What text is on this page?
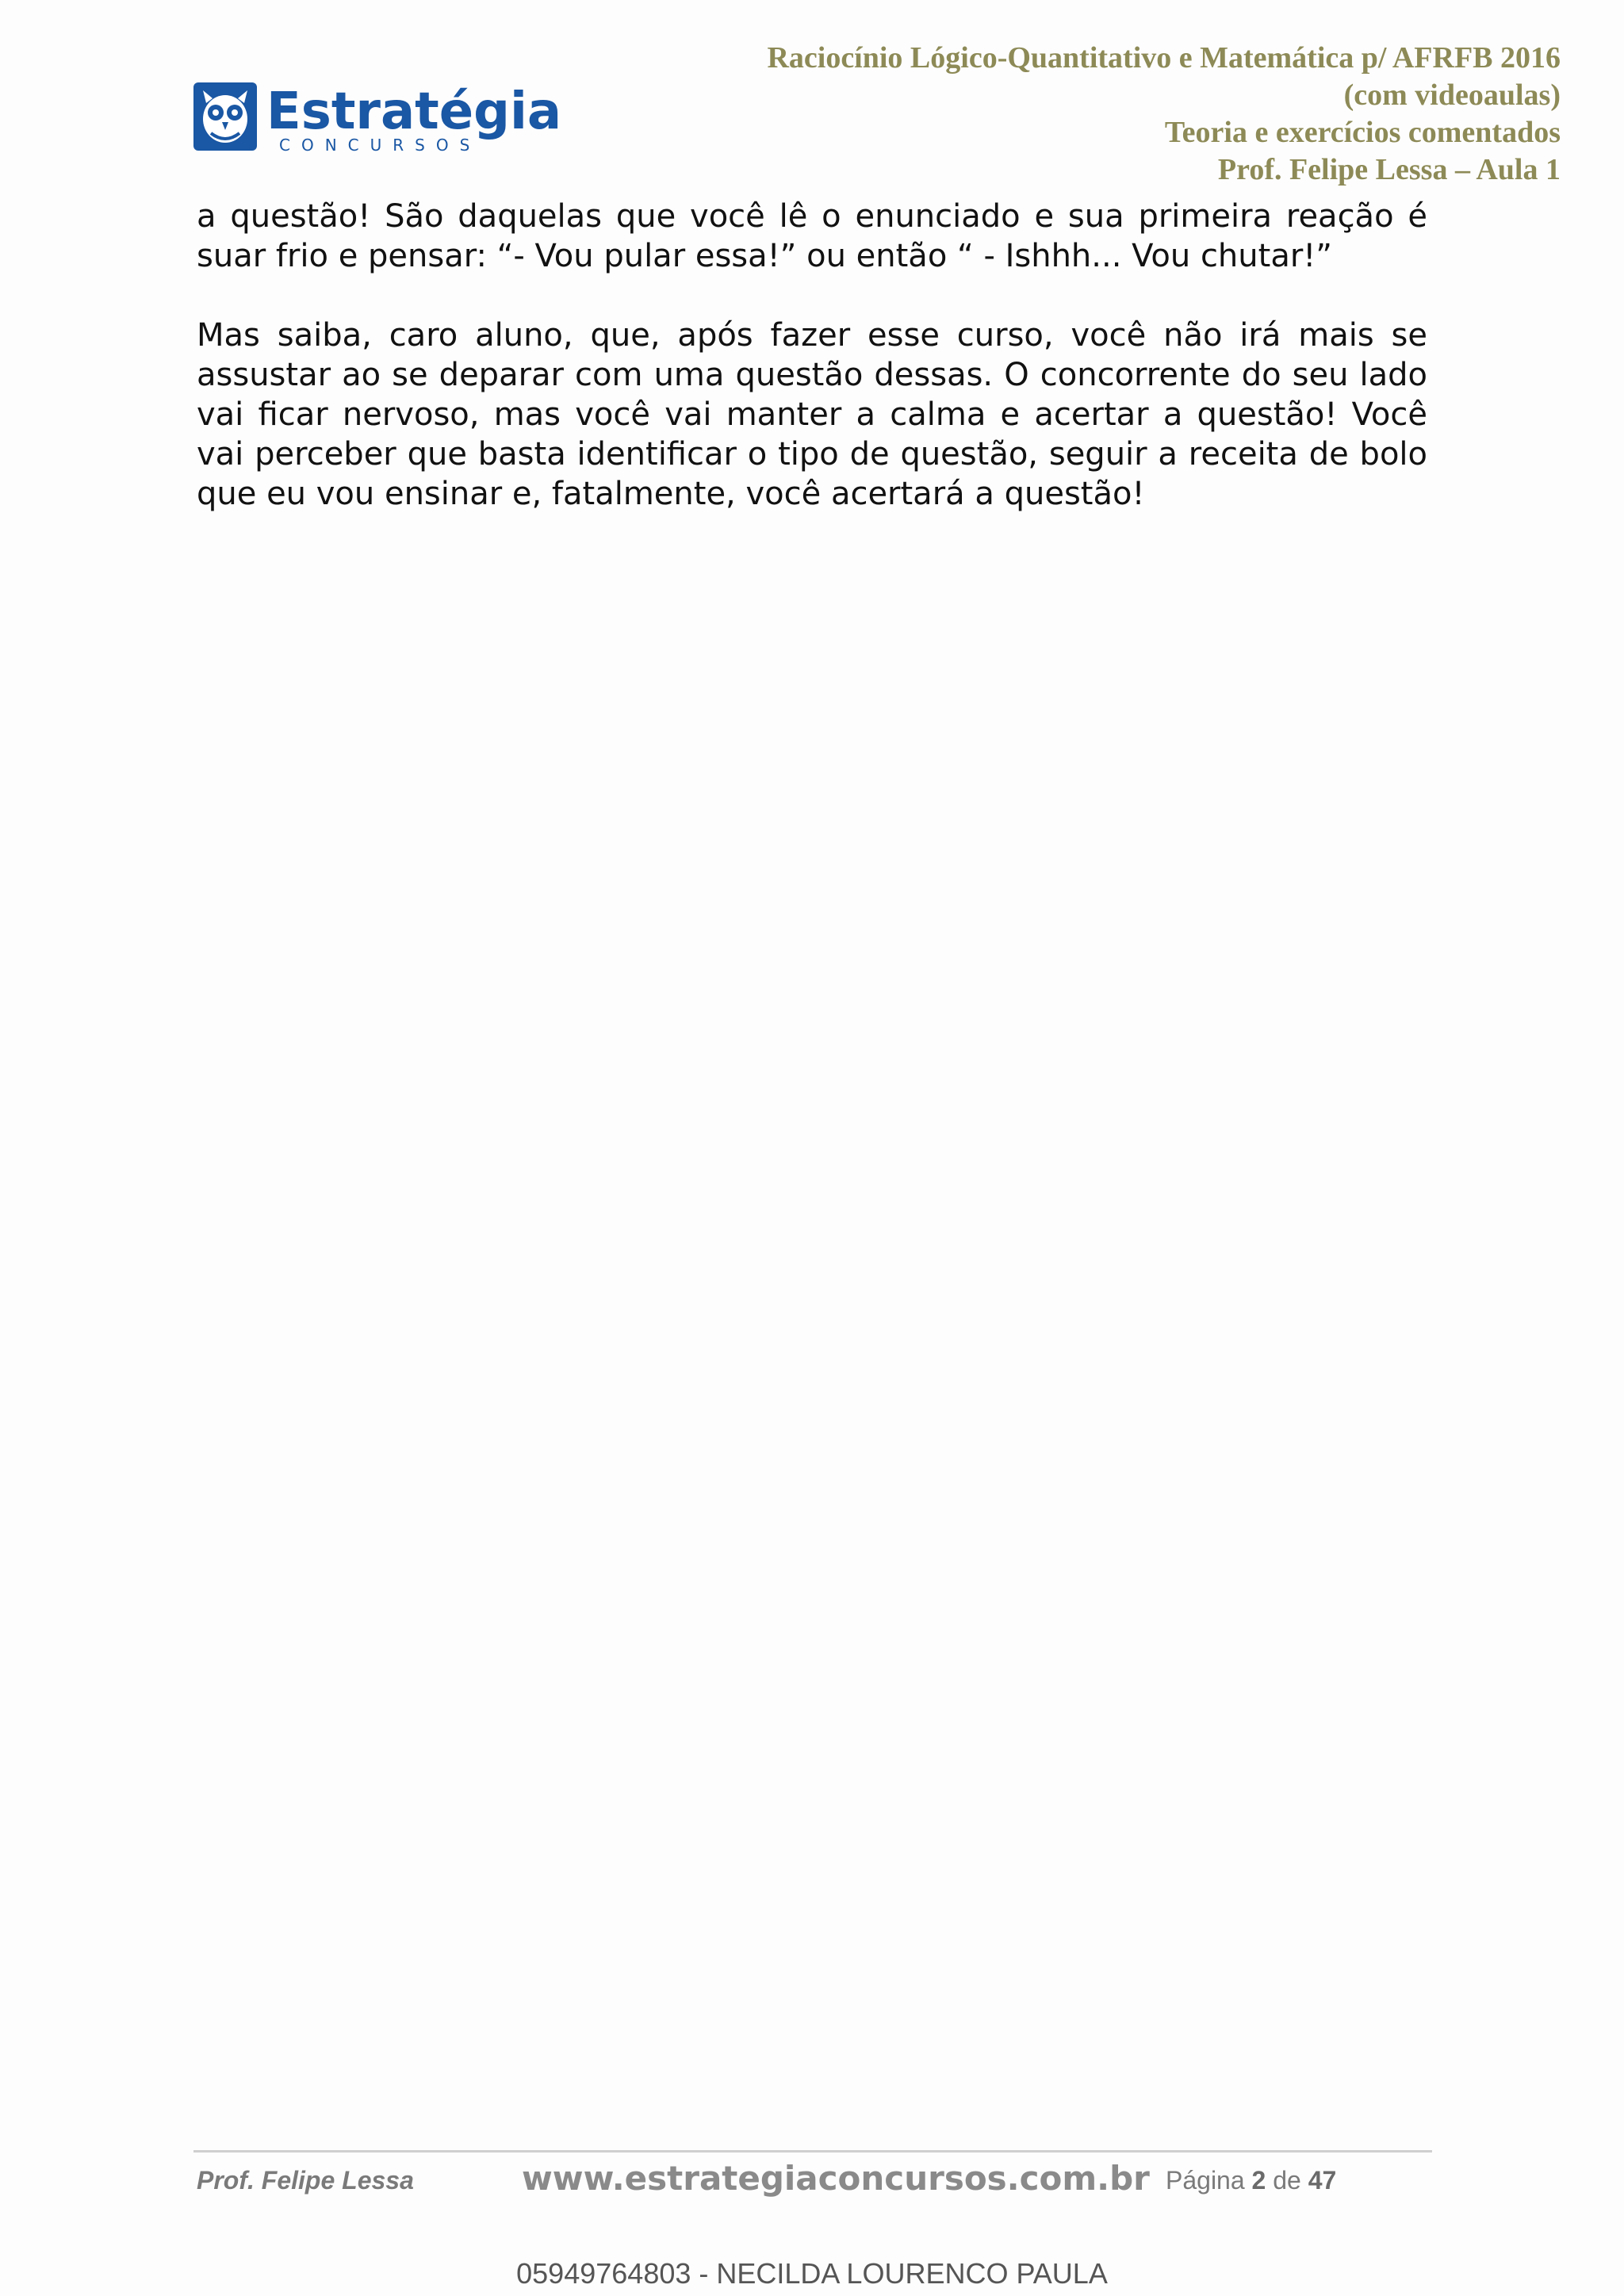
Estratégia
CONCURSOS
Raciocínio Lógico-Quantitativo e Matemática p/ AFRFB 2016
(com videoaulas)
Teoria e exercícios comentados
Prof. Felipe Lessa – Aula 1

a questão! São daquelas que você lê o enunciado e sua primeira reação é suar frio e pensar: “- Vou pular essa!” ou então “ - Ishhh... Vou chutar!”

Mas saiba, caro aluno, que, após fazer esse curso, você não irá mais se assustar ao se deparar com uma questão dessas. O concorrente do seu lado vai ficar nervoso, mas você vai manter a calma e acertar a questão! Você vai perceber que basta identificar o tipo de questão, seguir a receita de bolo que eu vou ensinar e, fatalmente, você acertará a questão!

Prof. Felipe Lessa	www.estrategiaconcursos.com.br Página 2 de 47
05949764803 - NECILDA LOURENCO PAULA
